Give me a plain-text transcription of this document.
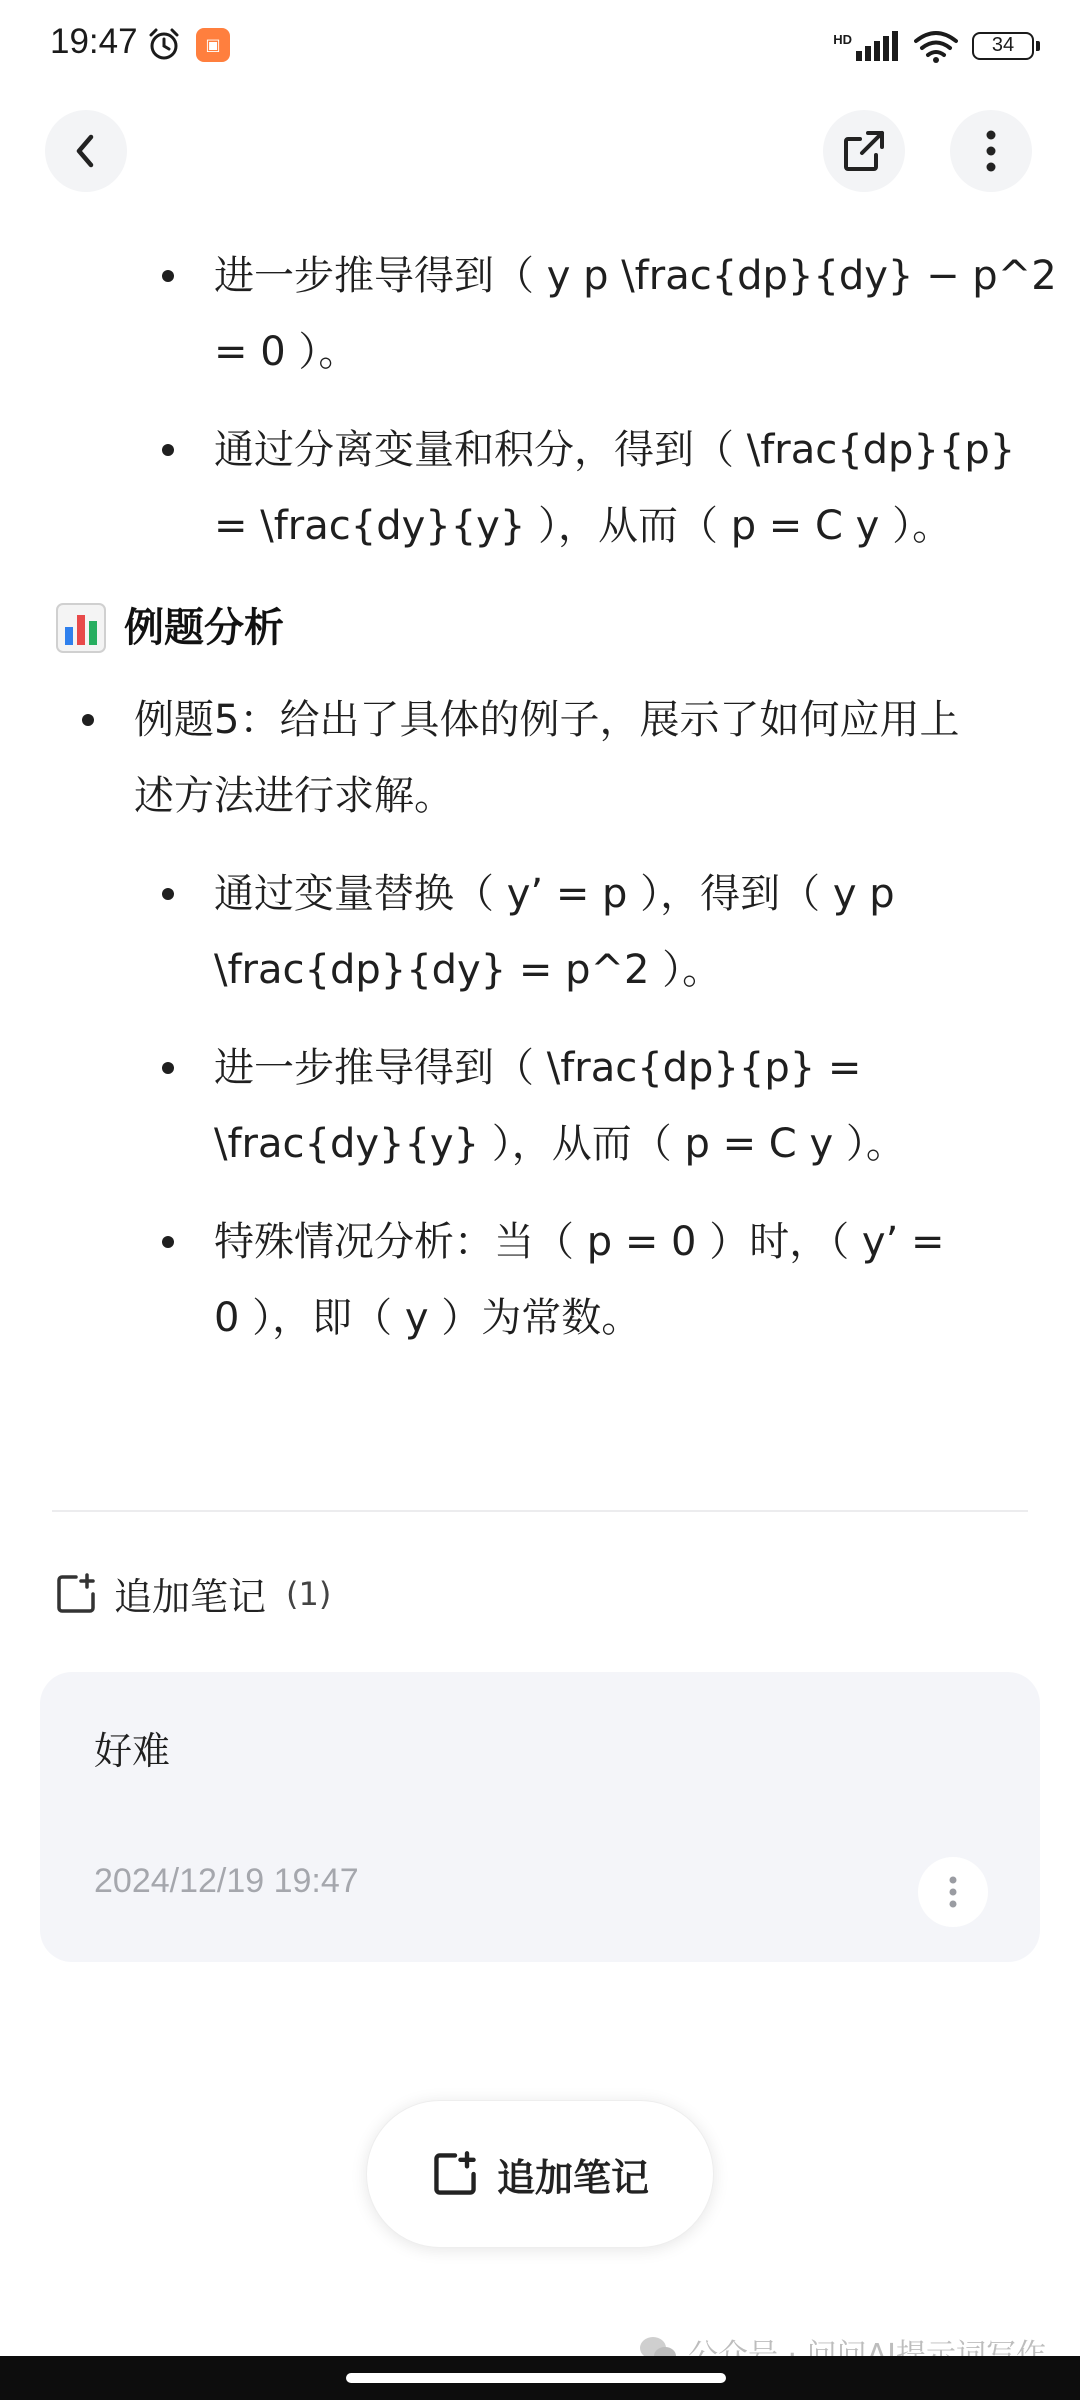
19:47	▣	HD	34
进一步推导得到（ y p \frac{dp}{dy} − p^2
= 0 ）。
通过分离变量和积分，得到（ \frac{dp}{p}
= \frac{dy}{y} ），从而（ p = C y ）。
例题分析
例题5：给出了具体的例子，展示了如何应用上
述方法进行求解。
通过变量替换（ y’ = p ），得到（ y p
\frac{dp}{dy} = p^2 ）。
进一步推导得到（ \frac{dp}{p} =
\frac{dy}{y} ），从而（ p = C y ）。
特殊情况分析：当（ p = 0 ）时，（ y’ =
0 ），即（ y ）为常数。
追加笔记 (1)
好难
2024/12/19 19:47
追加笔记
